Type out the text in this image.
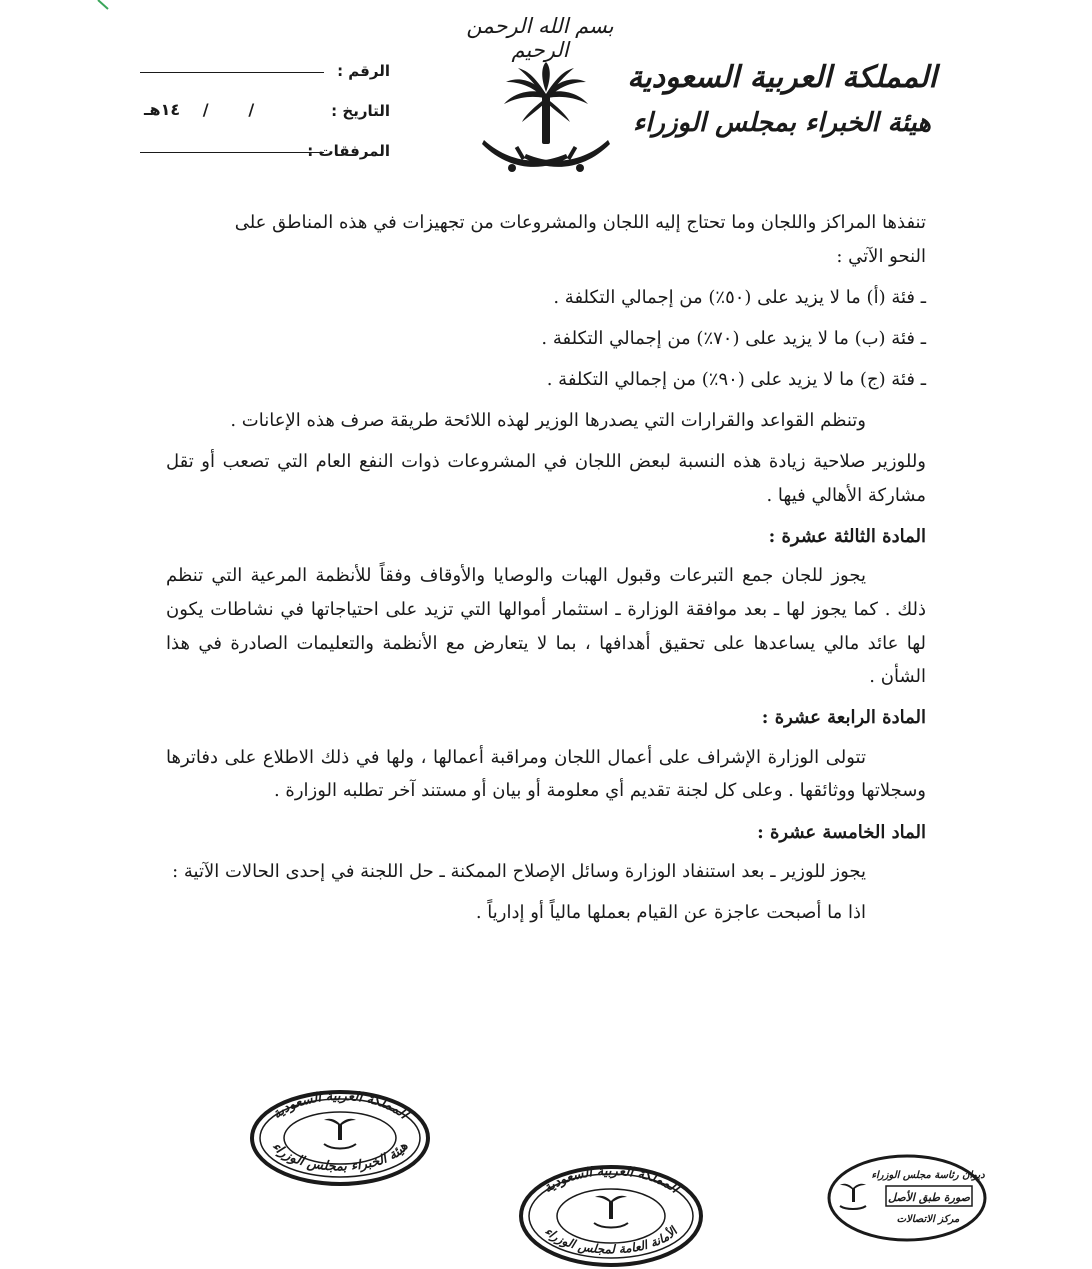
بسم الله الرحمن الرحيم
المملكة العربية السعودية
هيئة الخبراء بمجلس الوزراء
الرقم :
التاريخ :
١٤هـ / /
المرفقات :

تنفذها المراكز واللجان وما تحتاج إليه اللجان والمشروعات من تجهيزات في هذه المناطق على

النحو الآتي :

ـ فئة (أ) ما لا يزيد على (٥٠٪) من إجمالي التكلفة .

ـ فئة (ب) ما لا يزيد على (٧٠٪) من إجمالي التكلفة .

ـ فئة (ج) ما لا يزيد على (٩٠٪) من إجمالي التكلفة .

وتنظم القواعد والقرارات التي يصدرها الوزير لهذه اللائحة طريقة صرف هذه الإعانات .

وللوزير صلاحية زيادة هذه النسبة لبعض اللجان في المشروعات ذوات النفع العام التي تصعب أو تقل مشاركة الأهالي فيها .

المادة الثالثة عشرة :

يجوز للجان جمع التبرعات وقبول الهبات والوصايا والأوقاف وفقاً للأنظمة المرعية التي تنظم ذلك . كما يجوز لها ـ بعد موافقة الوزارة ـ استثمار أموالها التي تزيد على احتياجاتها في نشاطات يكون لها عائد مالي يساعدها على تحقيق أهدافها ، بما لا يتعارض مع الأنظمة والتعليمات الصادرة في هذا الشأن .

المادة الرابعة عشرة :

تتولى الوزارة الإشراف على أعمال اللجان ومراقبة أعمالها ، ولها في ذلك الاطلاع على دفاترها وسجلاتها ووثائقها . وعلى كل لجنة تقديم أي معلومة أو بيان أو مستند آخر تطلبه الوزارة .

الماد الخامسة عشرة :

يجوز للوزير ـ بعد استنفاد الوزارة وسائل الإصلاح الممكنة ـ حل اللجنة في إحدى الحالات الآتية :

اذا ما أصبحت عاجزة عن القيام بعملها مالياً أو إدارياً .

المملكة العربية السعودية
هيئة الخبراء بمجلس الوزراء
المملكة العربية السعودية
الأمانة العامة لمجلس الوزراء
ديوان رئاسة مجلس الوزراء
صورة طبق الأصل
مركز الاتصالات
